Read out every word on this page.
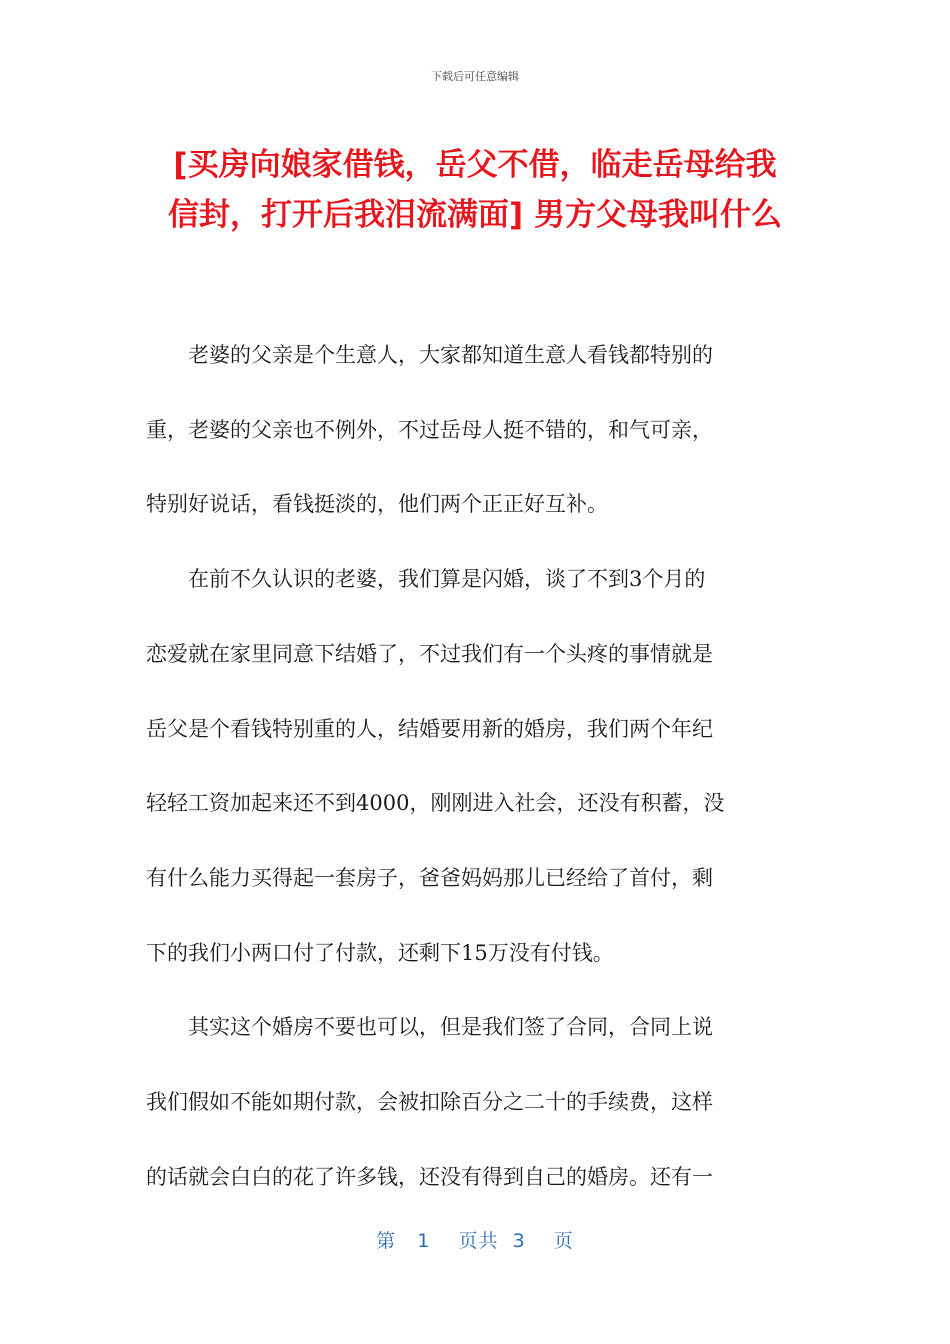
下载后可任意编辑
[买房向娘家借钱，岳父不借，临走岳母给我
信封，打开后我泪流满面] 男方父母我叫什么

老婆的父亲是个生意人，大家都知道生意人看钱都特别的
重，老婆的父亲也不例外，不过岳母人挺不错的，和气可亲，
特别好说话，看钱挺淡的，他们两个正正好互补。

在前不久认识的老婆，我们算是闪婚，谈了不到3个月的
恋爱就在家里同意下结婚了，不过我们有一个头疼的事情就是
岳父是个看钱特别重的人，结婚要用新的婚房，我们两个年纪
轻轻工资加起来还不到4000，刚刚进入社会，还没有积蓄，没
有什么能力买得起一套房子，爸爸妈妈那儿已经给了首付，剩
下的我们小两口付了付款，还剩下15万没有付钱。

其实这个婚房不要也可以，但是我们签了合同，合同上说
我们假如不能如期付款，会被扣除百分之二十的手续费，这样
的话就会白白的花了许多钱，还没有得到自己的婚房。还有一

第 1 页共 3 页
